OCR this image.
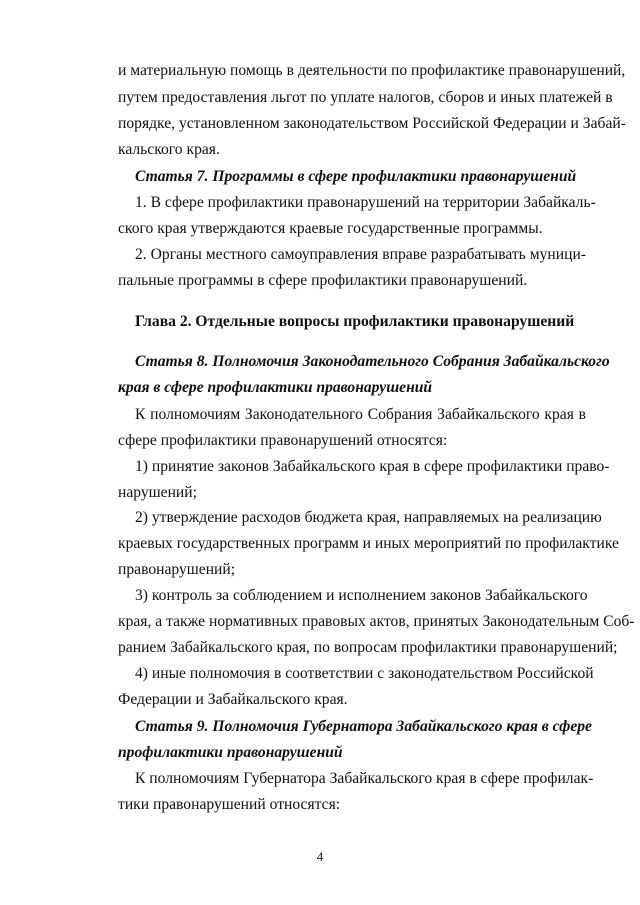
и материальную помощь в деятельности по профилактике правонарушений,
путем предоставления льгот по уплате налогов, сборов и иных платежей в
порядке, установленном законодательством Российской Федерации и Забай-
кальского края.
Статья 7. Программы в сфере профилактики правонарушений
1. В сфере профилактики правонарушений на территории Забайкаль-
ского края утверждаются краевые государственные программы.
2. Органы местного самоуправления вправе разрабатывать муници-
пальные программы в сфере профилактики правонарушений.
Глава 2. Отдельные вопросы профилактики правонарушений
Статья 8. Полномочия Законодательного Собрания Забайкальского
края в сфере профилактики правонарушений
К полномочиям Законодательного Собрания Забайкальского края в
сфере профилактики правонарушений относятся:
1) принятие законов Забайкальского края в сфере профилактики право-
нарушений;
2) утверждение расходов бюджета края, направляемых на реализацию
краевых государственных программ и иных мероприятий по профилактике
правонарушений;
3) контроль за соблюдением и исполнением законов Забайкальского
края, а также нормативных правовых актов, принятых Законодательным Соб-
ранием Забайкальского края, по вопросам профилактики правонарушений;
4) иные полномочия в соответствии с законодательством Российской
Федерации и Забайкальского края.
Статья 9. Полномочия Губернатора Забайкальского края в сфере
профилактики правонарушений
К полномочиям Губернатора Забайкальского края в сфере профилак-
тики правонарушений относятся:
4
